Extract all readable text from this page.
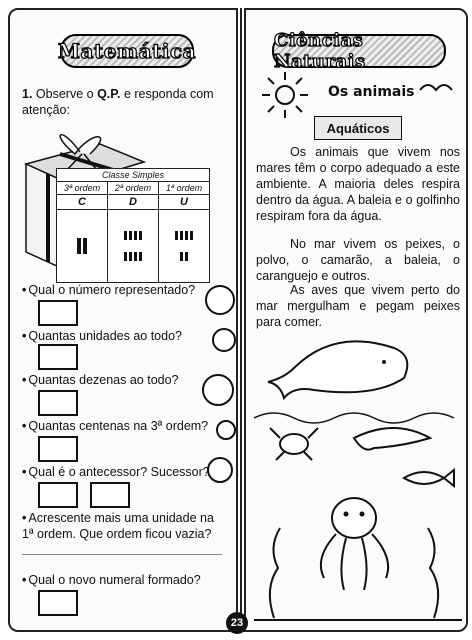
Matemática
1. Observe o Q.P. e responda com atenção:
Classe Simples		
3ª ordem	2ª ordem	1ª ordem
C	D	U

• Qual o número representado?
• Quantas unidades ao todo?
• Quantas dezenas ao todo?
• Quantas centenas na 3ª ordem?
• Qual é o antecessor? Sucessor?
• Acrescente mais uma unidade na 1ª ordem. Que ordem ficou vazia?
• Qual o novo numeral formado?
Ciências Naturais
Os animais
Aquáticos
Os animais que vivem nos mares têm o corpo adequado a este ambiente. A maioria deles respira dentro da água. A baleia e o golfinho respiram fora da água.
No mar vivem os peixes, o polvo, o camarão, a baleia, o caranguejo e outros.
As aves que vivem perto do mar mergulham e pegam peixes para comer.
23
